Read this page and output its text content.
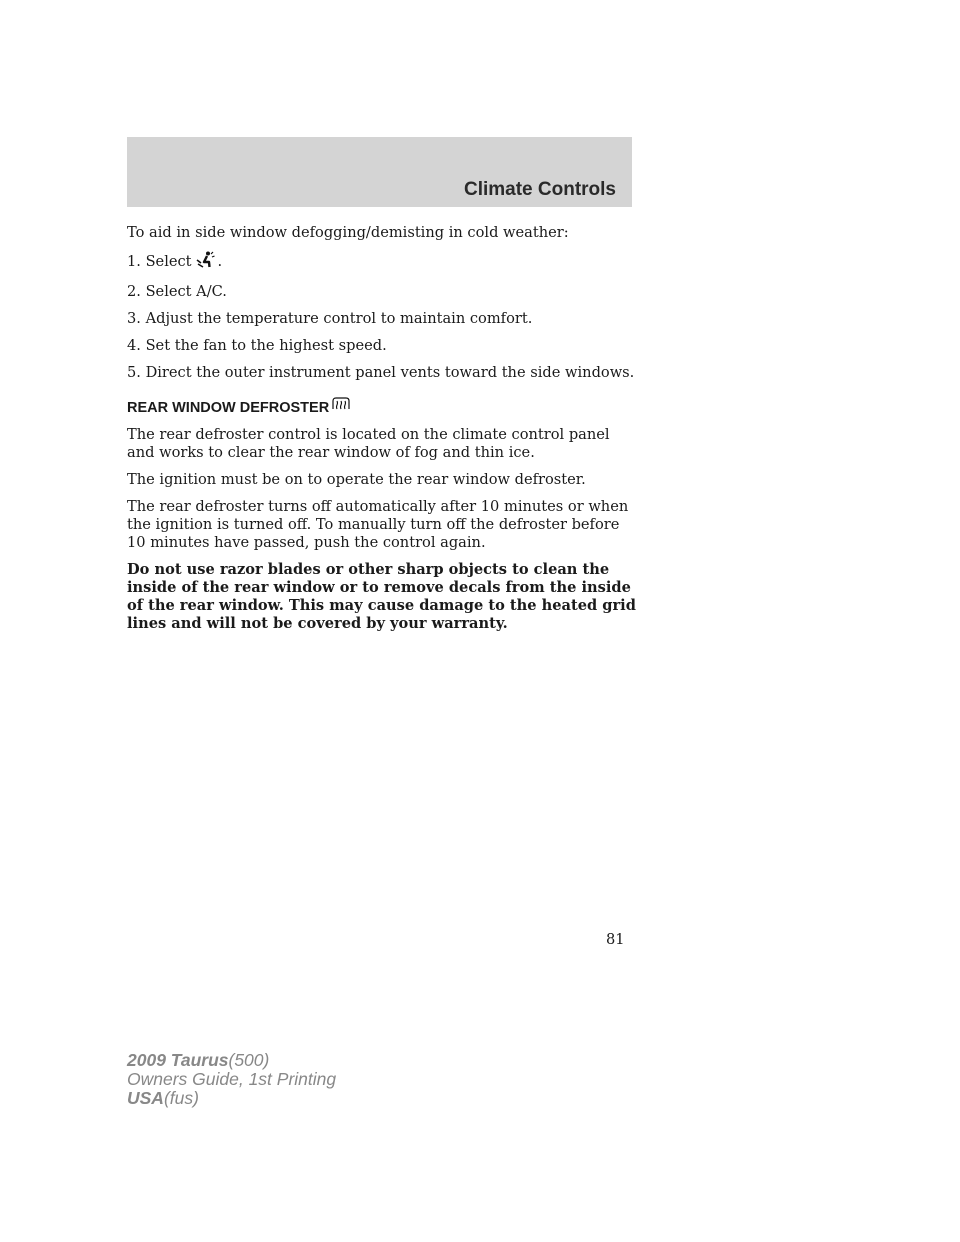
Climate Controls

To aid in side window defogging/demisting in cold weather:

1. Select .

2. Select A/C.

3. Adjust the temperature control to maintain comfort.

4. Set the fan to the highest speed.

5. Direct the outer instrument panel vents toward the side windows.

REAR WINDOW DEFROSTER

The rear defroster control is located on the climate control panel and works to clear the rear window of fog and thin ice.

The ignition must be on to operate the rear window defroster.

The rear defroster turns off automatically after 10 minutes or when the ignition is turned off. To manually turn off the defroster before 10 minutes have passed, push the control again.

Do not use razor blades or other sharp objects to clean the inside of the rear window or to remove decals from the inside of the rear window. This may cause damage to the heated grid lines and will not be covered by your warranty.

81
2009 Taurus(500)
Owners Guide, 1st Printing
USA(fus)
